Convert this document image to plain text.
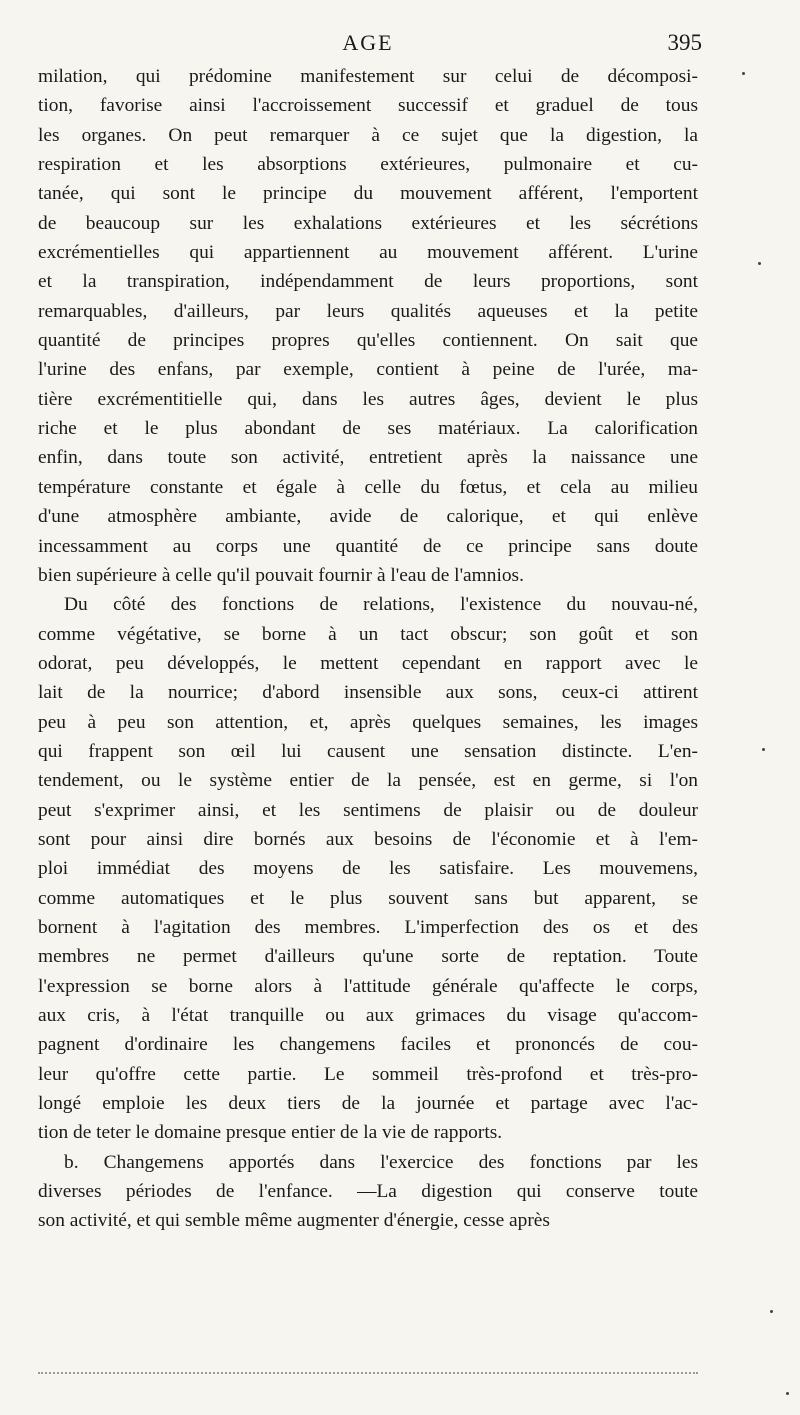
AGE	395
milation, qui prédomine manifestement sur celui de décomposi-
tion, favorise ainsi l'accroissement successif et graduel de tous
les organes. On peut remarquer à ce sujet que la digestion, la
respiration et les absorptions extérieures, pulmonaire et cu-
tanée, qui sont le principe du mouvement afférent, l'emportent
de beaucoup sur les exhalations extérieures et les sécrétions
excrémentielles qui appartiennent au mouvement afférent. L'urine
et la transpiration, indépendamment de leurs proportions, sont
remarquables, d'ailleurs, par leurs qualités aqueuses et la petite
quantité de principes propres qu'elles contiennent. On sait que
l'urine des enfans, par exemple, contient à peine de l'urée, ma-
tière excrémentitielle qui, dans les autres âges, devient le plus
riche et le plus abondant de ses matériaux. La calorification
enfin, dans toute son activité, entretient après la naissance une
température constante et égale à celle du fœtus, et cela au milieu
d'une atmosphère ambiante, avide de calorique, et qui enlève
incessamment au corps une quantité de ce principe sans doute
bien supérieure à celle qu'il pouvait fournir à l'eau de l'amnios.
Du côté des fonctions de relations, l'existence du nouvau-né,
comme végétative, se borne à un tact obscur; son goût et son
odorat, peu développés, le mettent cependant en rapport avec le
lait de la nourrice; d'abord insensible aux sons, ceux-ci attirent
peu à peu son attention, et, après quelques semaines, les images
qui frappent son œil lui causent une sensation distincte. L'en-
tendement, ou le système entier de la pensée, est en germe, si l'on
peut s'exprimer ainsi, et les sentimens de plaisir ou de douleur
sont pour ainsi dire bornés aux besoins de l'économie et à l'em-
ploi immédiat des moyens de les satisfaire. Les mouvemens,
comme automatiques et le plus souvent sans but apparent, se
bornent à l'agitation des membres. L'imperfection des os et des
membres ne permet d'ailleurs qu'une sorte de reptation. Toute
l'expression se borne alors à l'attitude générale qu'affecte le corps,
aux cris, à l'état tranquille ou aux grimaces du visage qu'accom-
pagnent d'ordinaire les changemens faciles et prononcés de cou-
leur qu'offre cette partie. Le sommeil très-profond et très-pro-
longé emploie les deux tiers de la journée et partage avec l'ac-
tion de teter le domaine presque entier de la vie de rapports.
b. Changemens apportés dans l'exercice des fonctions par les
diverses périodes de l'enfance. —La digestion qui conserve toute
son activité, et qui semble même augmenter d'énergie, cesse après
